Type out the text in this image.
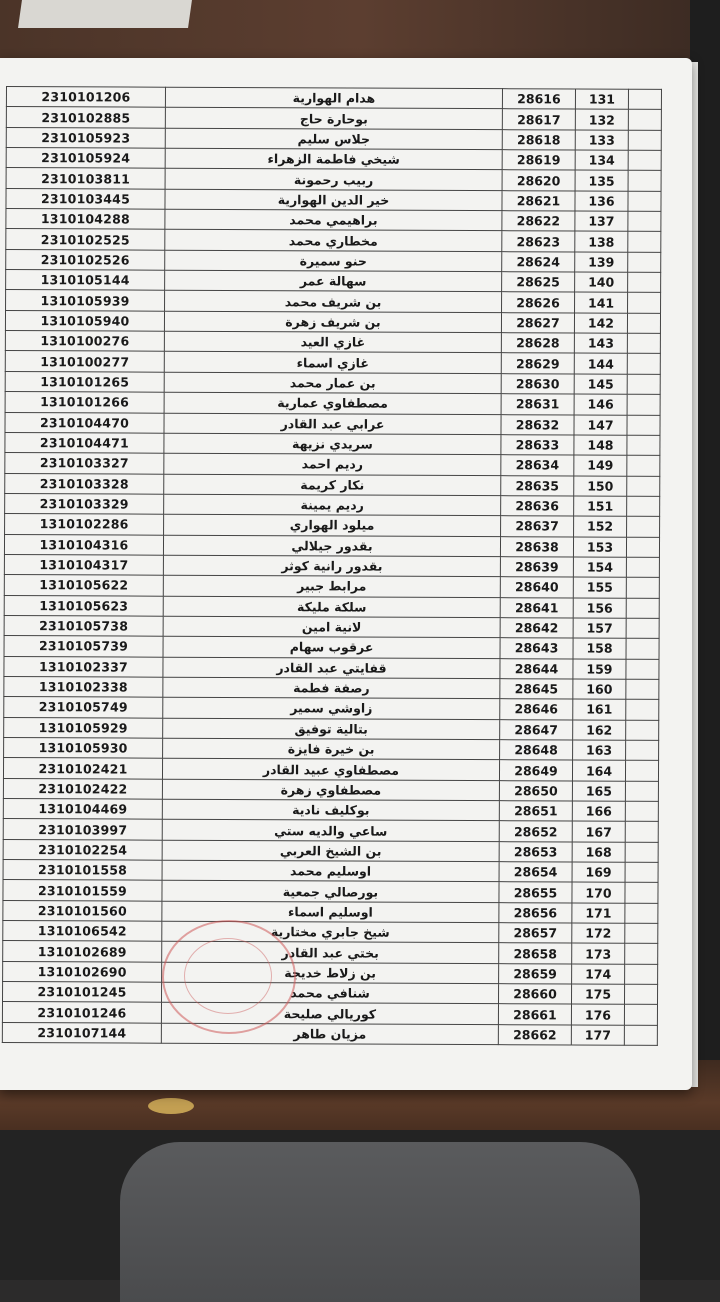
2310101206	هدام الهوارية	28616	131	
2310102885	بوحارة حاج	28617	132	
2310105923	جلاس سليم	28618	133	
2310105924	شيخي فاطمة الزهراء	28619	134	
2310103811	ربيب رحمونة	28620	135	
2310103445	خير الدين الهوارية	28621	136	
1310104288	براهيمي محمد	28622	137	
2310102525	مخطاري محمد	28623	138	
2310102526	حنو سميرة	28624	139	
1310105144	سهالة عمر	28625	140	
1310105939	بن شريف محمد	28626	141	
1310105940	بن شريف زهرة	28627	142	
1310100276	غازي العيد	28628	143	
1310100277	غازي اسماء	28629	144	
1310101265	بن عمار محمد	28630	145	
1310101266	مصطفاوي عمارية	28631	146	
2310104470	عرابي عبد القادر	28632	147	
2310104471	سريدي نزيهة	28633	148	
2310103327	رديم احمد	28634	149	
2310103328	نكار كريمة	28635	150	
2310103329	رديم يمينة	28636	151	
1310102286	ميلود الهواري	28637	152	
1310104316	بقدور جيلالي	28638	153	
1310104317	بقدور رانية كوثر	28639	154	
1310105622	مرابط جبير	28640	155	
1310105623	سلكة مليكة	28641	156	
2310105738	لانية امين	28642	157	
2310105739	عرقوب سهام	28643	158	
1310102337	قفايتي عبد القادر	28644	159	
1310102338	رصفة فطمة	28645	160	
2310105749	زاوشي سمير	28646	161	
1310105929	بتالية توفيق	28647	162	
1310105930	بن خيرة فايزة	28648	163	
2310102421	مصطفاوي عبيد القادر	28649	164	
2310102422	مصطفاوي زهرة	28650	165	
1310104469	بوكليف نادية	28651	166	
2310103997	ساعي والديه ستي	28652	167	
2310102254	بن الشيخ العربي	28653	168	
2310101558	اوسليم محمد	28654	169	
2310101559	بورصالي جمعية	28655	170	
2310101560	اوسليم اسماء	28656	171	
1310106542	شيخ جابري مختارية	28657	172	
1310102689	بختي عبد القادر	28658	173	
1310102690	بن زلاط خديجة	28659	174	
2310101245	شنافي محمد	28660	175	
2310101246	كوريالي صليحة	28661	176	
2310107144	مزيان طاهر	28662	177	
